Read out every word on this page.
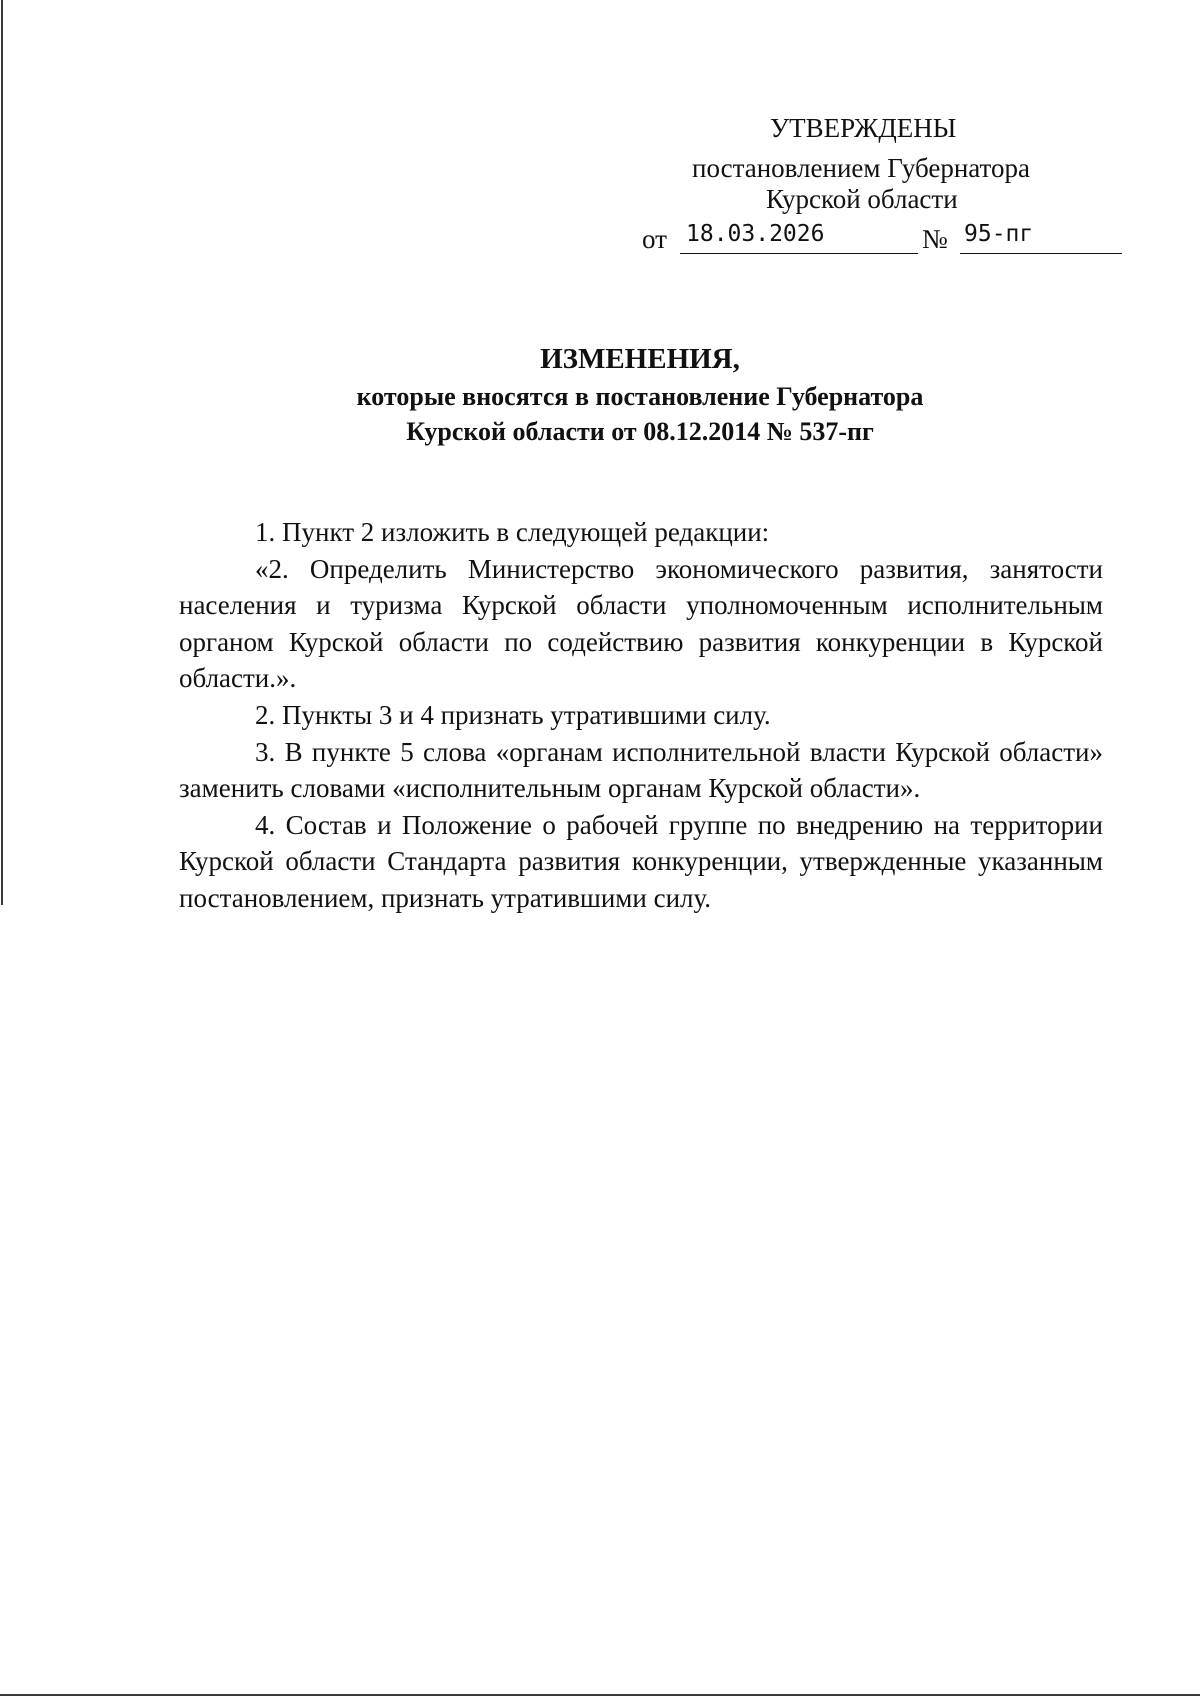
УТВЕРЖДЕНЫ
постановлением Губернатора
Курской области
от 18.03.2026	№ 95-пг
ИЗМЕНЕНИЯ,
которые вносятся в постановление Губернатора
Курской области от 08.12.2014 № 537-пг

1. Пункт 2 изложить в следующей редакции:

«2. Определить Министерство экономического развития, занятости населения и туризма Курской области уполномоченным исполнительным органом Курской области по содействию развития конкуренции в Курской области.».

2. Пункты 3 и 4 признать утратившими силу.

3. В пункте 5 слова «органам исполнительной власти Курской области» заменить словами «исполнительным органам Курской области».

4. Состав и Положение о рабочей группе по внедрению на территории Курской области Стандарта развития конкуренции, утвержденные указанным постановлением, признать утратившими силу.
